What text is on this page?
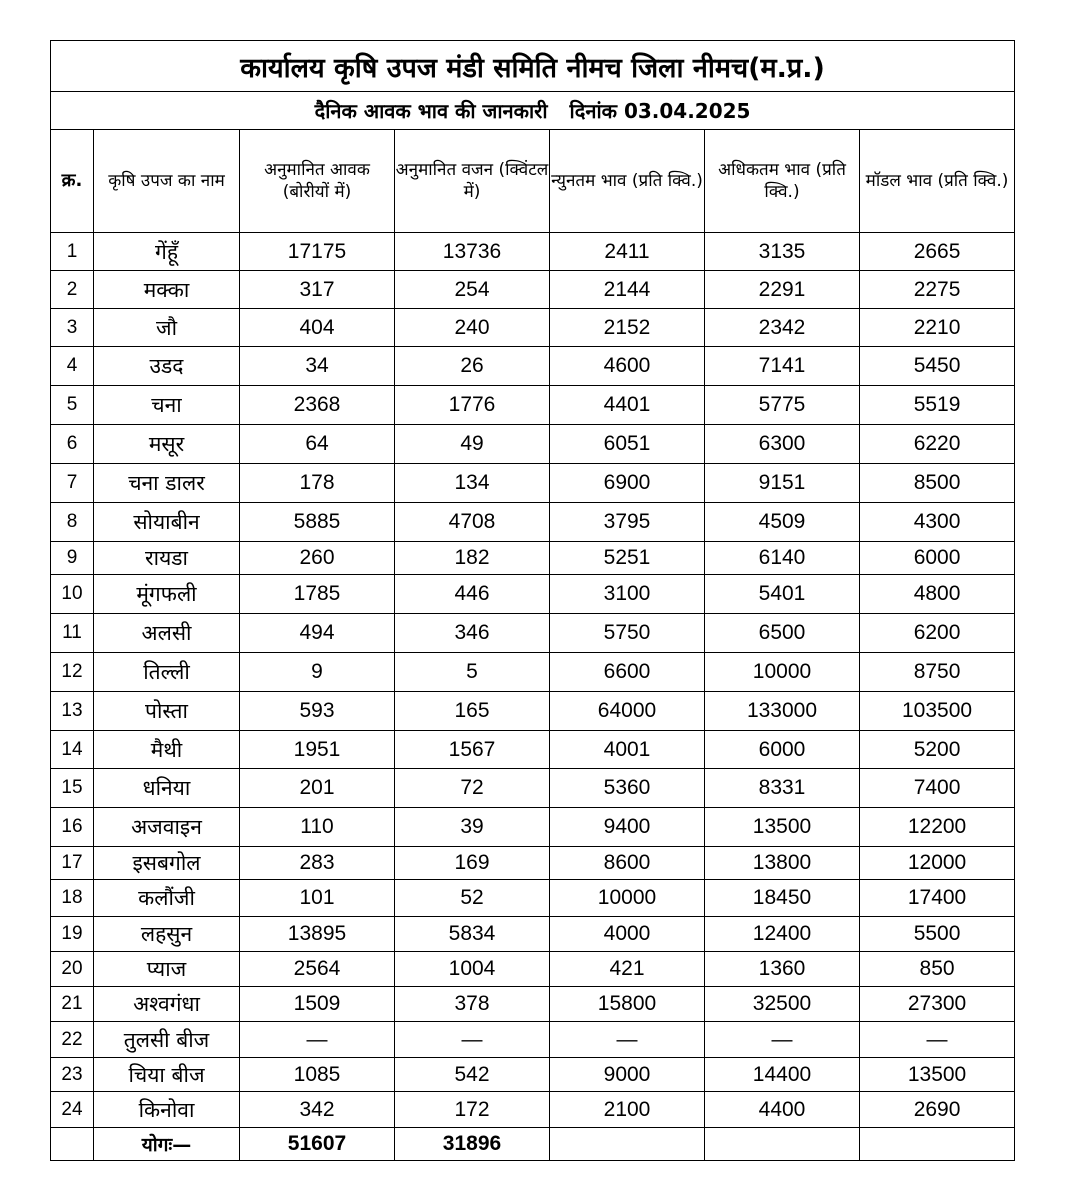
कार्यालय कृषि उपज मंडी समिति नीमच जिला नीमच(म.प्र.)						
दैनिक आवक भाव की जानकारी दिनांक 03.04.2025						
क्र.	कृषि उपज का नाम	अनुमानित आवक (बोरीयों में)	अनुमानित वजन (क्विंटल में)	न्युनतम भाव (प्रति क्वि.)	अधिकतम भाव (प्रति क्वि.)	मॉडल भाव (प्रति क्वि.)
1	गेंहूँ	17175	13736	2411	3135	2665
2	मक्का	317	254	2144	2291	2275
3	जौ	404	240	2152	2342	2210
4	उडद	34	26	4600	7141	5450
5	चना	2368	1776	4401	5775	5519
6	मसूर	64	49	6051	6300	6220
7	चना डालर	178	134	6900	9151	8500
8	सोयाबीन	5885	4708	3795	4509	4300
9	रायडा	260	182	5251	6140	6000
10	मूंगफली	1785	446	3100	5401	4800
11	अलसी	494	346	5750	6500	6200
12	तिल्ली	9	5	6600	10000	8750
13	पोस्ता	593	165	64000	133000	103500
14	मैथी	1951	1567	4001	6000	5200
15	धनिया	201	72	5360	8331	7400
16	अजवाइन	110	39	9400	13500	12200
17	इसबगोल	283	169	8600	13800	12000
18	कलौंजी	101	52	10000	18450	17400
19	लहसुन	13895	5834	4000	12400	5500
20	प्याज	2564	1004	421	1360	850
21	अश्वगंधा	1509	378	15800	32500	27300
22	तुलसी बीज	—	—	—	—	—
23	चिया बीज	1085	542	9000	14400	13500
24	किनोवा	342	172	2100	4400	2690
	योगः—	51607	31896			
